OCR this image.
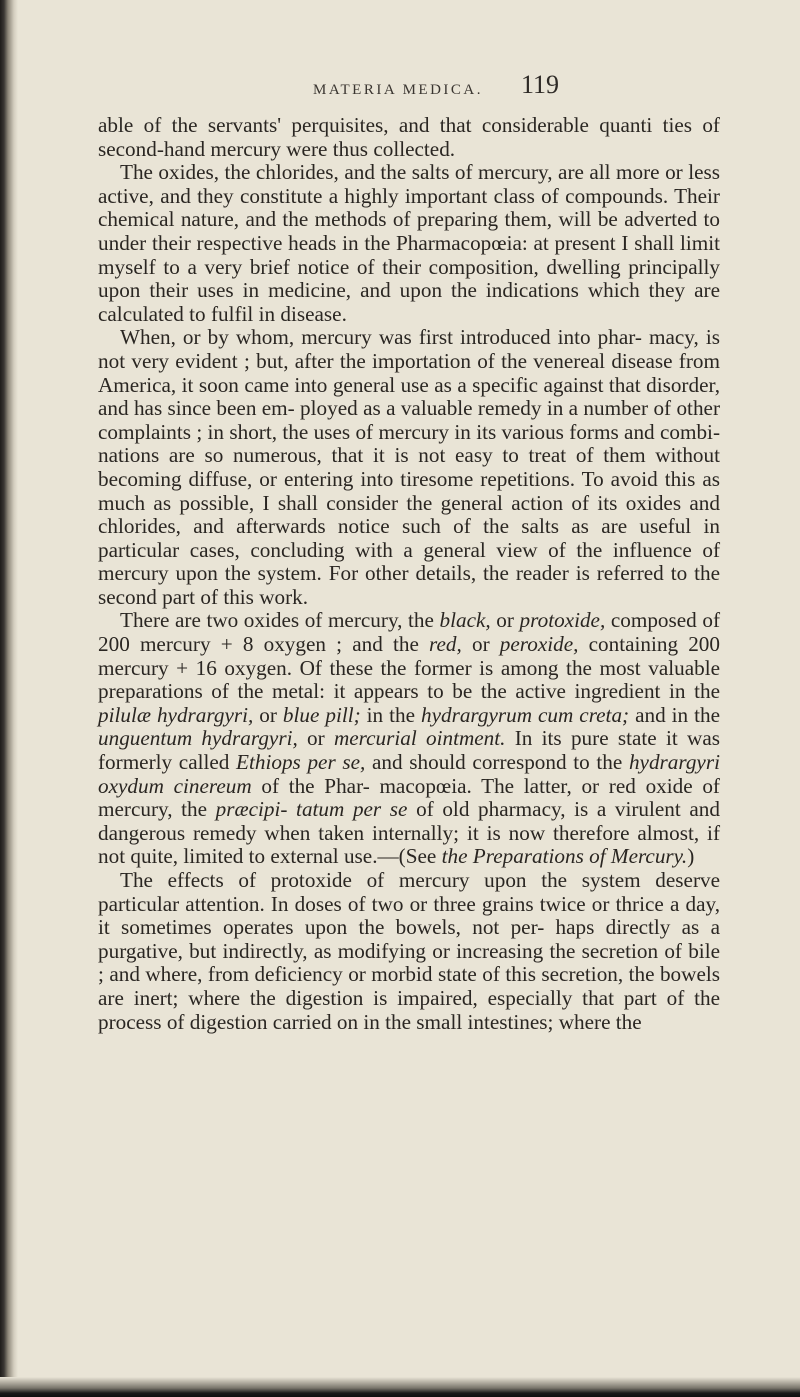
MATERIA MEDICA. 119

able of the servants' perquisites, and that considerable quanti ties of second-hand mercury were thus collected.

The oxides, the chlorides, and the salts of mercury, are all more or less active, and they constitute a highly important class of compounds. Their chemical nature, and the methods of preparing them, will be adverted to under their respective heads in the Pharmacopœia: at present I shall limit myself to a very brief notice of their composition, dwelling principally upon their uses in medicine, and upon the indications which they are calculated to fulfil in disease.

When, or by whom, mercury was first introduced into phar- macy, is not very evident ; but, after the importation of the venereal disease from America, it soon came into general use as a specific against that disorder, and has since been em- ployed as a valuable remedy in a number of other complaints ; in short, the uses of mercury in its various forms and combi- nations are so numerous, that it is not easy to treat of them without becoming diffuse, or entering into tiresome repetitions. To avoid this as much as possible, I shall consider the general action of its oxides and chlorides, and afterwards notice such of the salts as are useful in particular cases, concluding with a general view of the influence of mercury upon the system. For other details, the reader is referred to the second part of this work.

There are two oxides of mercury, the black, or protoxide, composed of 200 mercury + 8 oxygen ; and the red, or peroxide, containing 200 mercury + 16 oxygen. Of these the former is among the most valuable preparations of the metal: it appears to be the active ingredient in the pilulæ hydrargyri, or blue pill; in the hydrargyrum cum creta; and in the unguentum hydrargyri, or mercurial ointment. In its pure state it was formerly called Ethiops per se, and should correspond to the hydrargyri oxydum cinereum of the Phar- macopœia. The latter, or red oxide of mercury, the præcipi- tatum per se of old pharmacy, is a virulent and dangerous remedy when taken internally; it is now therefore almost, if not quite, limited to external use.—(See the Preparations of Mercury.)

The effects of protoxide of mercury upon the system deserve particular attention. In doses of two or three grains twice or thrice a day, it sometimes operates upon the bowels, not per- haps directly as a purgative, but indirectly, as modifying or increasing the secretion of bile ; and where, from deficiency or morbid state of this secretion, the bowels are inert; where the digestion is impaired, especially that part of the process of digestion carried on in the small intestines; where the
